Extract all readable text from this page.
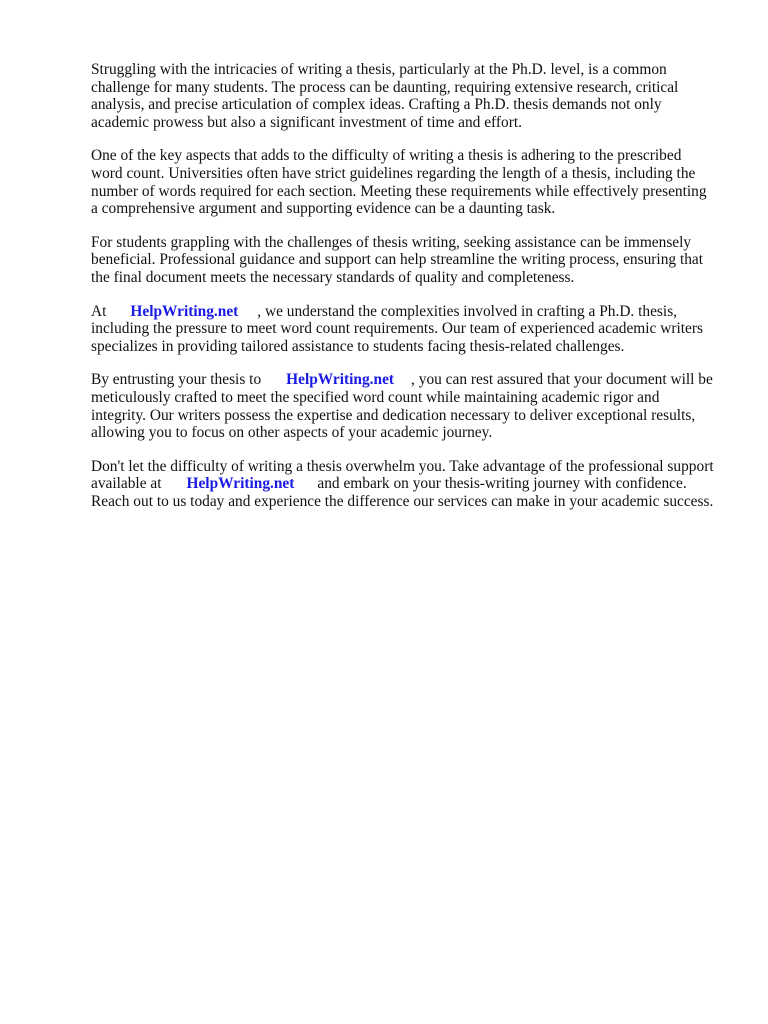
Struggling with the intricacies of writing a thesis, particularly at the Ph.D. level, is a common
challenge for many students. The process can be daunting, requiring extensive research, critical
analysis, and precise articulation of complex ideas. Crafting a Ph.D. thesis demands not only
academic prowess but also a significant investment of time and effort.

One of the key aspects that adds to the difficulty of writing a thesis is adhering to the prescribed
word count. Universities often have strict guidelines regarding the length of a thesis, including the
number of words required for each section. Meeting these requirements while effectively presenting
a comprehensive argument and supporting evidence can be a daunting task.

For students grappling with the challenges of thesis writing, seeking assistance can be immensely
beneficial. Professional guidance and support can help streamline the writing process, ensuring that
the final document meets the necessary standards of quality and completeness.

At HelpWriting.net , we understand the complexities involved in crafting a Ph.D. thesis,
including the pressure to meet word count requirements. Our team of experienced academic writers
specializes in providing tailored assistance to students facing thesis-related challenges.

By entrusting your thesis to HelpWriting.net , you can rest assured that your document will be
meticulously crafted to meet the specified word count while maintaining academic rigor and
integrity. Our writers possess the expertise and dedication necessary to deliver exceptional results,
allowing you to focus on other aspects of your academic journey.

Don't let the difficulty of writing a thesis overwhelm you. Take advantage of the professional support
available at HelpWriting.net and embark on your thesis-writing journey with confidence.
Reach out to us today and experience the difference our services can make in your academic success.
